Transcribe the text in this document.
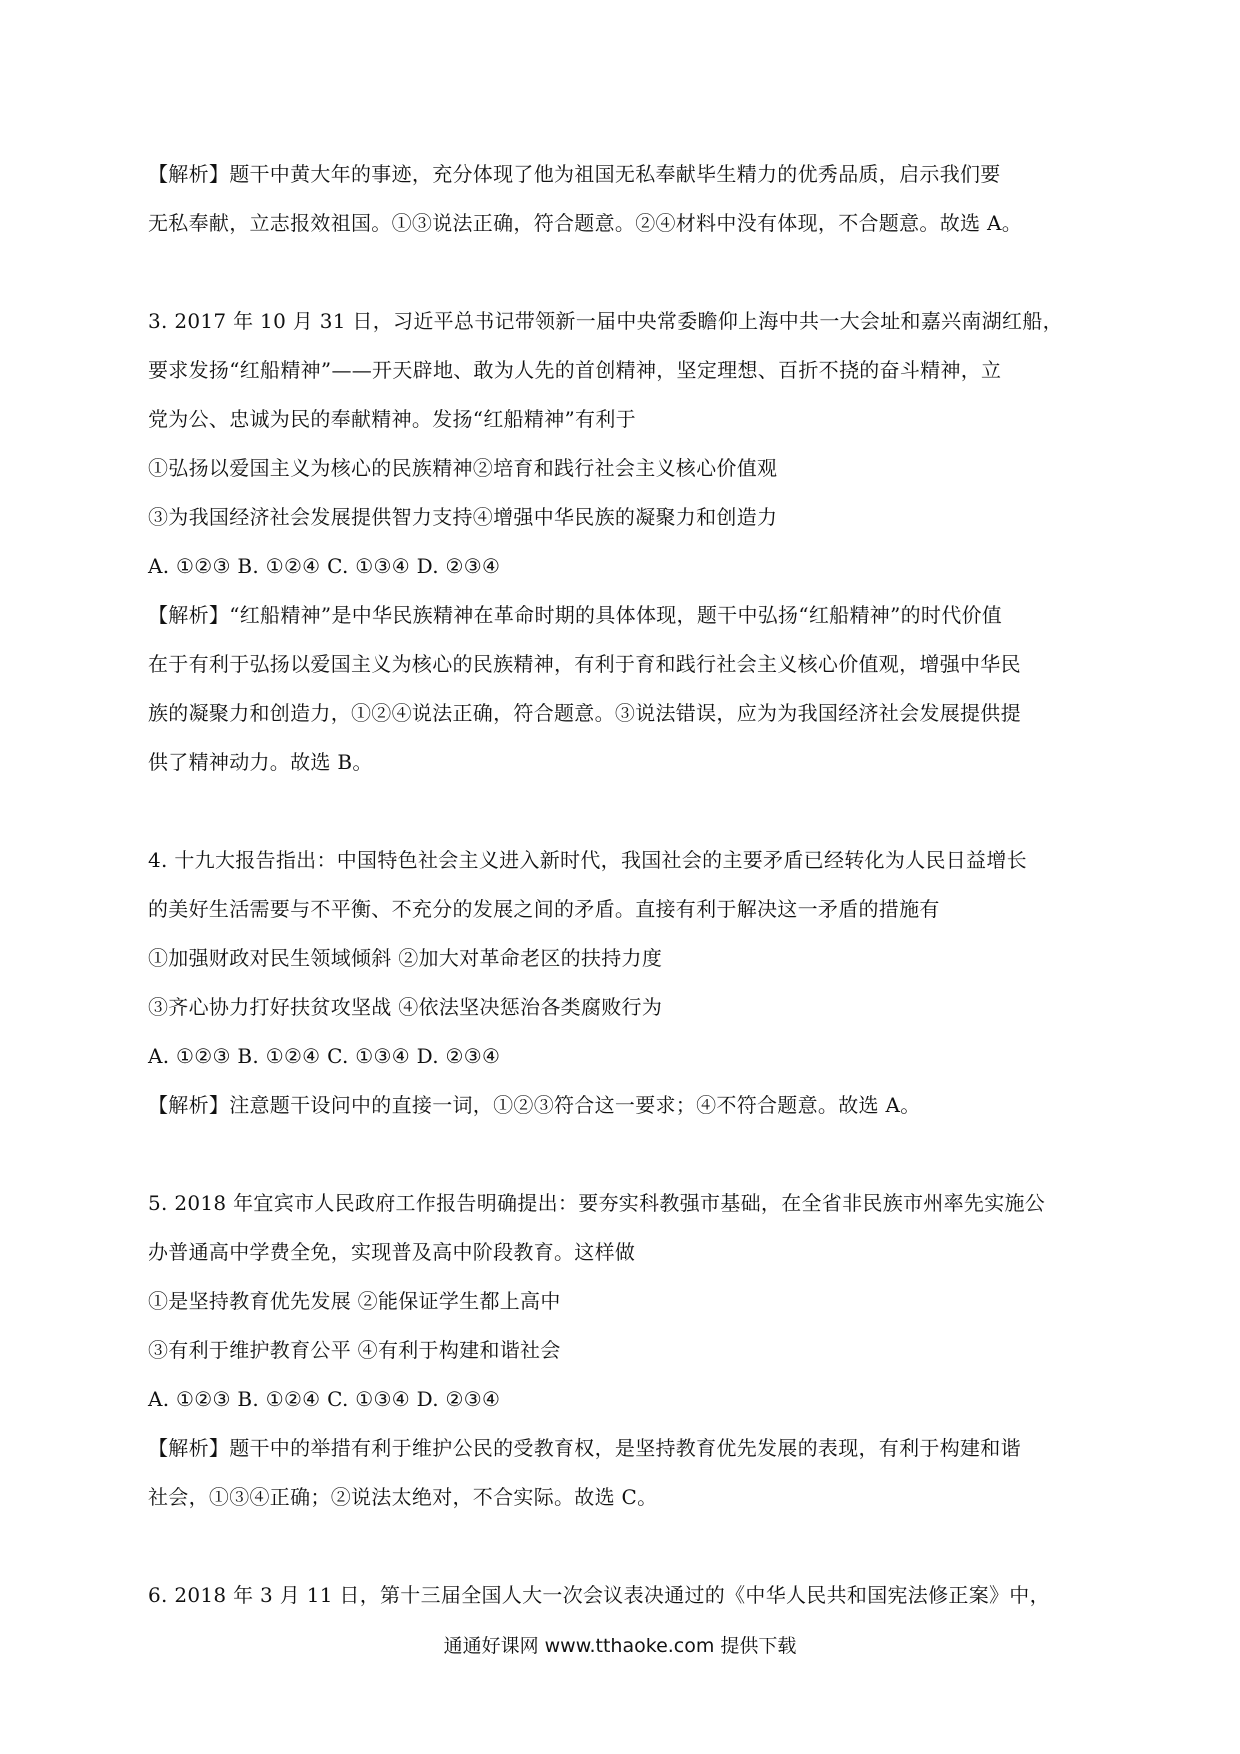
【解析】题干中黄大年的事迹，充分体现了他为祖国无私奉献毕生精力的优秀品质，启示我们要
无私奉献，立志报效祖国。①③说法正确，符合题意。②④材料中没有体现，不合题意。故选 A。
3. 2017 年 10 月 31 日，习近平总书记带领新一届中央常委瞻仰上海中共一大会址和嘉兴南湖红船，
要求发扬“红船精神”——开天辟地、敢为人先的首创精神，坚定理想、百折不挠的奋斗精神，立
党为公、忠诚为民的奉献精神。发扬“红船精神”有利于
①弘扬以爱国主义为核心的民族精神②培育和践行社会主义核心价值观
③为我国经济社会发展提供智力支持④增强中华民族的凝聚力和创造力
A. ①②③ B. ①②④ C. ①③④ D. ②③④
【解析】“红船精神”是中华民族精神在革命时期的具体体现，题干中弘扬“红船精神”的时代价值
在于有利于弘扬以爱国主义为核心的民族精神，有利于育和践行社会主义核心价值观，增强中华民
族的凝聚力和创造力，①②④说法正确，符合题意。③说法错误，应为为我国经济社会发展提供提
供了精神动力。故选 B。
4. 十九大报告指出：中国特色社会主义进入新时代，我国社会的主要矛盾已经转化为人民日益增长
的美好生活需要与不平衡、不充分的发展之间的矛盾。直接有利于解决这一矛盾的措施有
①加强财政对民生领域倾斜 ②加大对革命老区的扶持力度
③齐心协力打好扶贫攻坚战 ④依法坚决惩治各类腐败行为
A. ①②③ B. ①②④ C. ①③④ D. ②③④
【解析】注意题干设问中的直接一词，①②③符合这一要求；④不符合题意。故选 A。
5. 2018 年宜宾市人民政府工作报告明确提出：要夯实科教强市基础，在全省非民族市州率先实施公
办普通高中学费全免，实现普及高中阶段教育。这样做
①是坚持教育优先发展 ②能保证学生都上高中
③有利于维护教育公平 ④有利于构建和谐社会
A. ①②③ B. ①②④ C. ①③④ D. ②③④
【解析】题干中的举措有利于维护公民的受教育权，是坚持教育优先发展的表现，有利于构建和谐
社会，①③④正确；②说法太绝对，不合实际。故选 C。
6. 2018 年 3 月 11 日，第十三届全国人大一次会议表决通过的《中华人民共和国宪法修正案》中，
通通好课网 www.tthaoke.com 提供下载
